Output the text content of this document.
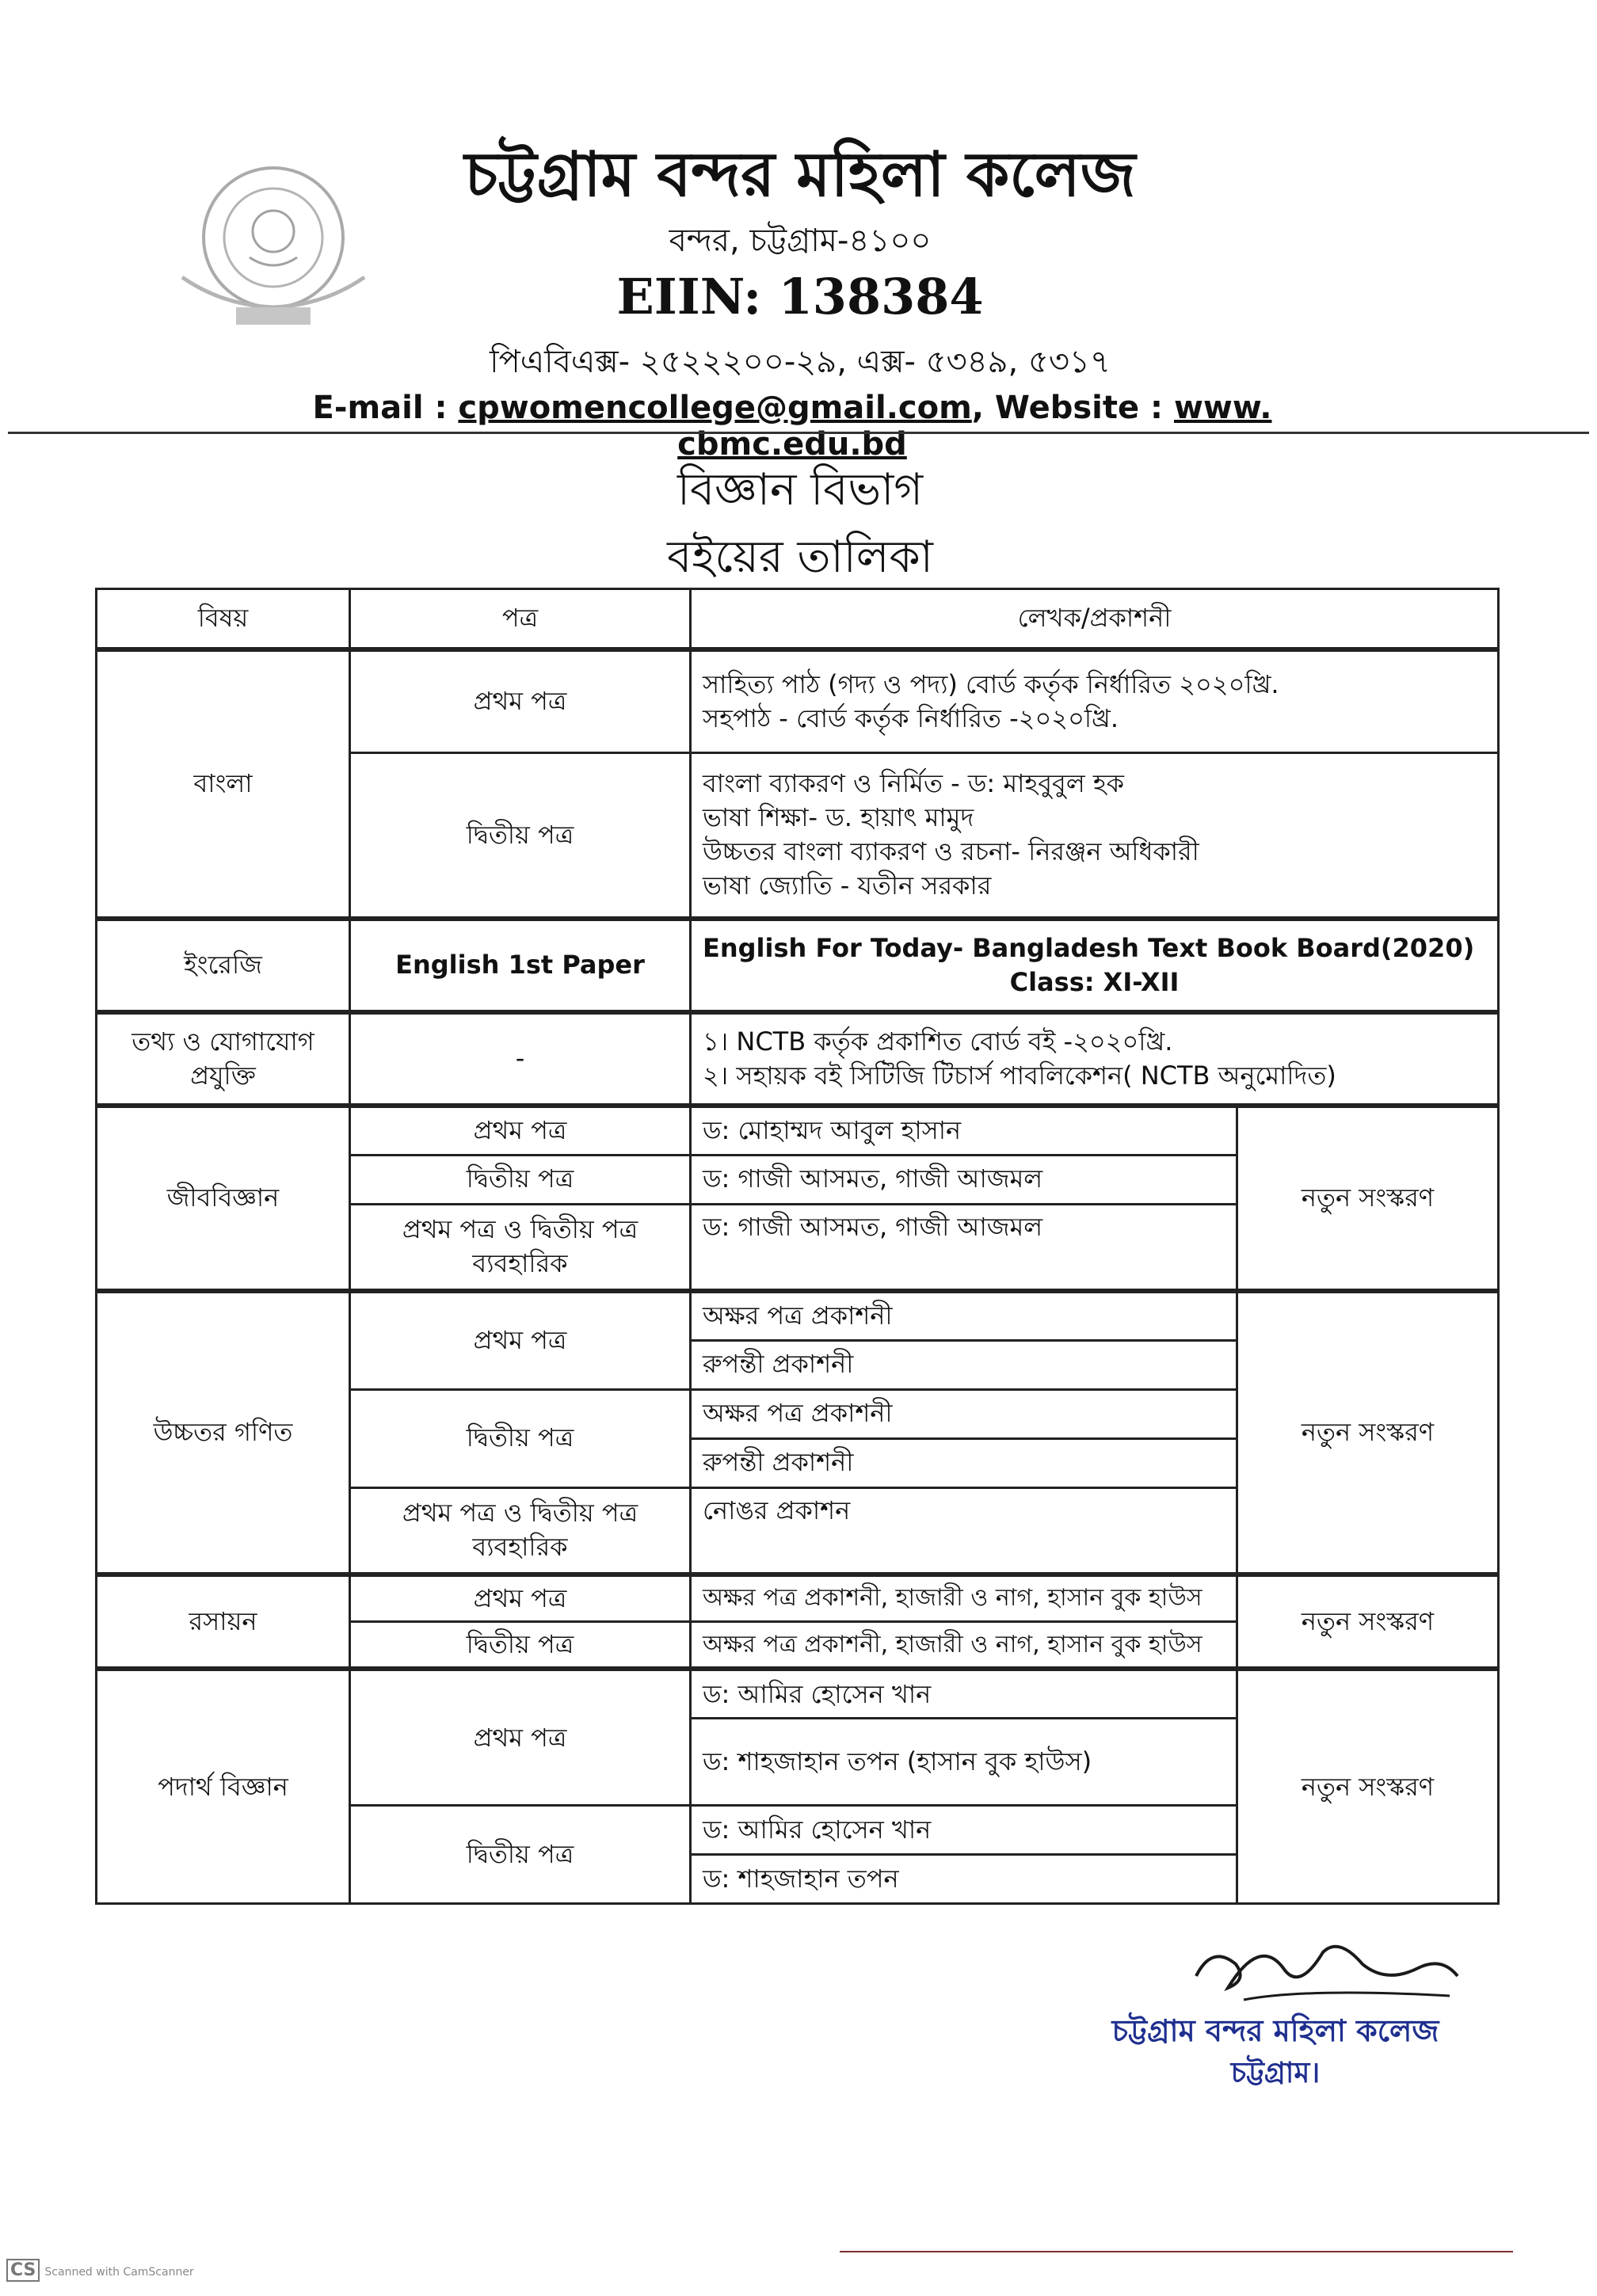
চট্টগ্রাম বন্দর মহিলা কলেজ
বন্দর, চট্টগ্রাম-৪১০০
EIIN: 138384
পিএবিএক্স- ২৫২২২০০-২৯, এক্স- ৫৩৪৯, ৫৩১৭
E-mail : cpwomencollege@gmail.com, Website : www. cbmc.edu.bd
বিজ্ঞান বিভাগ
বইয়ের তালিকা
বিষয়	পত্র	লেখক/প্রকাশনী	
বাংলা	প্রথম পত্র	সাহিত্য পাঠ (গদ্য ও পদ্য) বোর্ড কর্তৃক নির্ধারিত ২০২০খ্রি.
সহপাঠ - বোর্ড কর্তৃক নির্ধারিত -২০২০খ্রি.	

	দ্বিতীয় পত্র	বাংলা ব্যাকরণ ও নির্মিত - ড: মাহবুবুল হক
ভাষা শিক্ষা- ড. হায়াৎ মামুদ
উচ্চতর বাংলা ব্যাকরণ ও রচনা- নিরঞ্জন অধিকারী
ভাষা জ্যোতি - যতীন সরকার	

ইংরেজি	English 1st Paper	English For Today- Bangladesh Text Book Board(2020)
Class: XI-XII	

তথ্য ও যোগাযোগ প্রযুক্তি	-	১। NCTB কর্তৃক প্রকাশিত বোর্ড বই -২০২০খ্রি.
২। সহায়ক বই সিটিজি টিচার্স পাবলিকেশন( NCTB অনুমোদিত)	

জীববিজ্ঞান	প্রথম পত্র	ড: মোহাম্মদ আবুল হাসান	নতুন সংস্করণ
	দ্বিতীয় পত্র	ড: গাজী আসমত, গাজী আজমল	
	প্রথম পত্র ও দ্বিতীয় পত্র ব্যবহারিক	ড: গাজী আসমত, গাজী আজমল	
উচ্চতর গণিত	প্রথম পত্র	অক্ষর পত্র প্রকাশনী	নতুন সংস্করণ
		রুপন্তী প্রকাশনী	
	দ্বিতীয় পত্র	অক্ষর পত্র প্রকাশনী	
		রুপন্তী প্রকাশনী	
	প্রথম পত্র ও দ্বিতীয় পত্র ব্যবহারিক	নোঙর প্রকাশন	
রসায়ন	প্রথম পত্র	অক্ষর পত্র প্রকাশনী, হাজারী ও নাগ, হাসান বুক হাউস	নতুন সংস্করণ
	দ্বিতীয় পত্র	অক্ষর পত্র প্রকাশনী, হাজারী ও নাগ, হাসান বুক হাউস	
পদার্থ বিজ্ঞান	প্রথম পত্র	ড: আমির হোসেন খান	নতুন সংস্করণ
		ড: শাহজাহান তপন (হাসান বুক হাউস)	
	দ্বিতীয় পত্র	ড: আমির হোসেন খান	
		ড: শাহজাহান তপন	
চট্টগ্রাম বন্দর মহিলা কলেজ
চট্টগ্রাম।
CS Scanned with CamScanner
